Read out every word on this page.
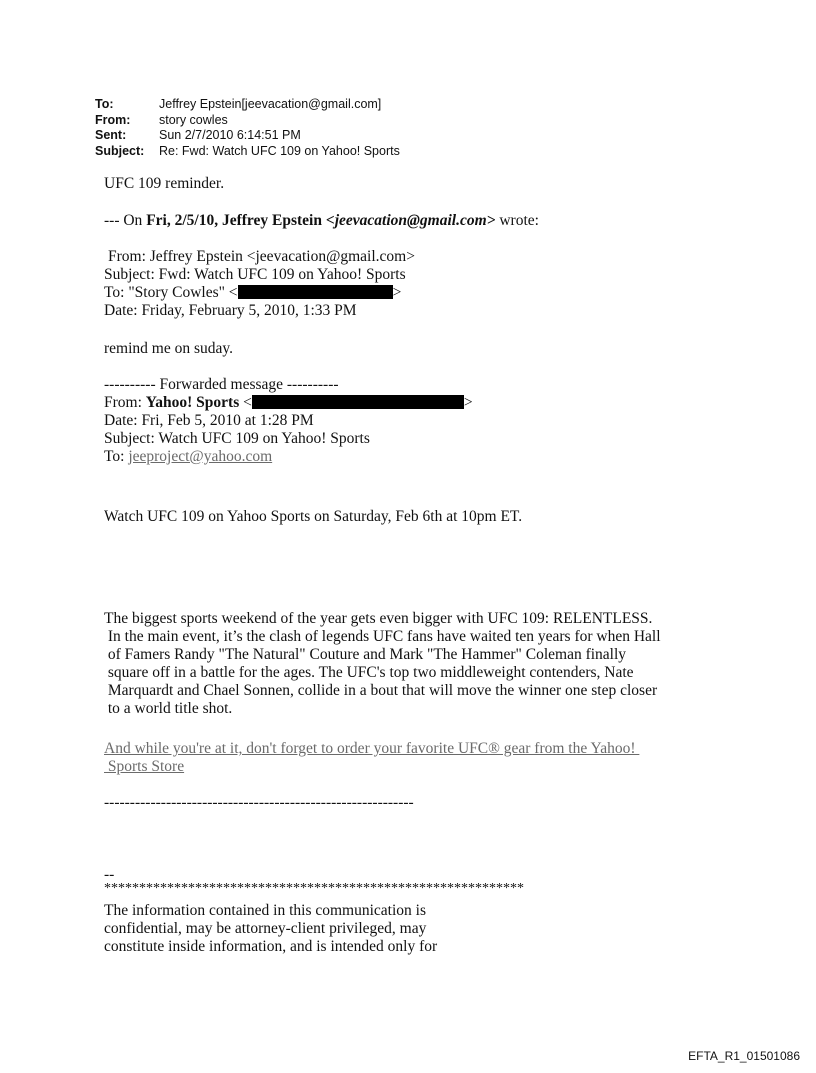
To:	Jeffrey Epstein[jeevacation@gmail.com]
From:	story cowles
Sent:	Sun 2/7/2010 6:14:51 PM
Subject:	Re: Fwd: Watch UFC 109 on Yahoo! Sports
UFC 109 reminder.
--- On Fri, 2/5/10, Jeffrey Epstein <jeevacation@gmail.com> wrote:
From: Jeffrey Epstein <jeevacation@gmail.com>
Subject: Fwd: Watch UFC 109 on Yahoo! Sports
To: "Story Cowles" <	>
Date: Friday, February 5, 2010, 1:33 PM
remind me on suday.
---------- Forwarded message ----------
From: Yahoo! Sports <	>
Date: Fri, Feb 5, 2010 at 1:28 PM
Subject: Watch UFC 109 on Yahoo! Sports
To: jeeproject@yahoo.com
Watch UFC 109 on Yahoo Sports on Saturday, Feb 6th at 10pm ET.
The biggest sports weekend of the year gets even bigger with UFC 109: RELENTLESS.
In the main event, it’s the clash of legends UFC fans have waited ten years for when Hall
of Famers Randy "The Natural" Couture and Mark "The Hammer" Coleman finally
square off in a battle for the ages. The UFC's top two middleweight contenders, Nate
Marquardt and Chael Sonnen, collide in a bout that will move the winner one step closer
to a world title shot.
And while you're at it, don't forget to order your favorite UFC® gear from the Yahoo!
Sports Store
------------------------------------------------------------
--
************************************************************
The information contained in this communication is
confidential, may be attorney-client privileged, may
constitute inside information, and is intended only for
EFTA_R1_01501086
